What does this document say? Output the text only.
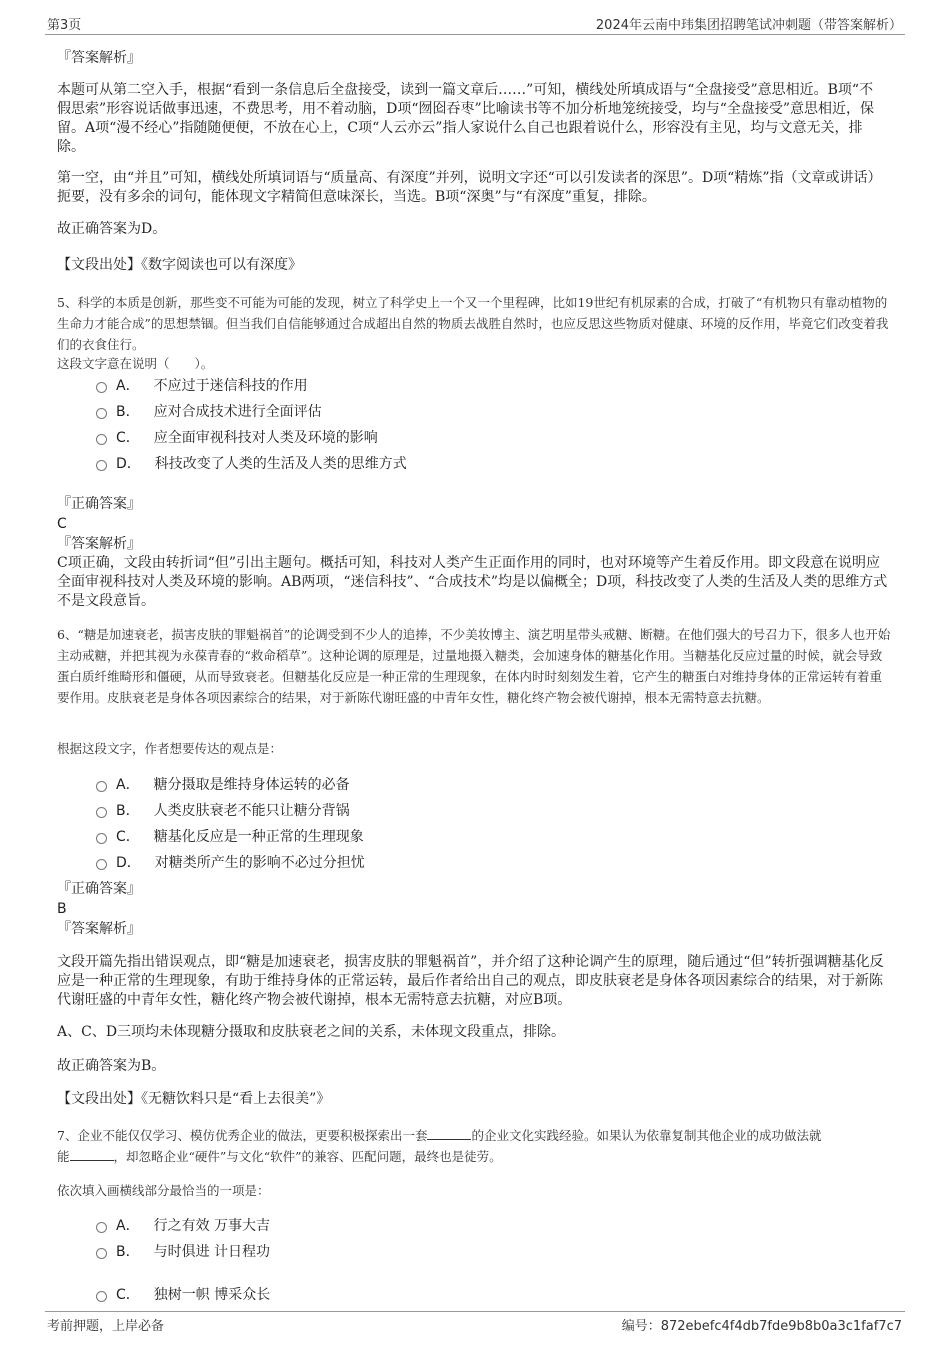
第3页	2024年云南中玮集团招聘笔试冲刺题（带答案解析）
『答案解析』
本题可从第二空入手，根据“看到一条信息后全盘接受，读到一篇文章后……”可知，横线处所填成语与“全盘接受”意思相近。B项“不假思索”形容说话做事迅速，不费思考，用不着动脑，D项“囫囵吞枣”比喻读书等不加分析地笼统接受，均与“全盘接受”意思相近，保留。A项“漫不经心”指随随便便，不放在心上，C项“人云亦云”指人家说什么自己也跟着说什么，形容没有主见，均与文意无关，排除。
第一空，由“并且”可知，横线处所填词语与“质量高、有深度”并列，说明文字还“可以引发读者的深思”。D项“精炼”指（文章或讲话）扼要，没有多余的词句，能体现文字精简但意味深长，当选。B项“深奥”与“有深度”重复，排除。
故正确答案为D。
【文段出处】《数字阅读也可以有深度》
5、科学的本质是创新，那些变不可能为可能的发现，树立了科学史上一个又一个里程碑，比如19世纪有机尿素的合成，打破了“有机物只有靠动植物的生命力才能合成”的思想禁锢。但当我们自信能够通过合成超出自然的物质去战胜自然时，也应反思这些物质对健康、环境的反作用，毕竟它们改变着我们的衣食住行。
这段文字意在说明（　　）。
A． 不应过于迷信科技的作用
B． 应对合成技术进行全面评估
C． 应全面审视科技对人类及环境的影响
D． 科技改变了人类的生活及人类的思维方式
『正确答案』
C
『答案解析』
C项正确，文段由转折词“但”引出主题句。概括可知，科技对人类产生正面作用的同时，也对环境等产生着反作用。即文段意在说明应全面审视科技对人类及环境的影响。AB两项，“迷信科技”、“合成技术”均是以偏概全；D项，科技改变了人类的生活及人类的思维方式不是文段意旨。
6、“糖是加速衰老，损害皮肤的罪魁祸首”的论调受到不少人的追捧，不少美妆博主、演艺明星带头戒糖、断糖。在他们强大的号召力下，很多人也开始主动戒糖，并把其视为永葆青春的“救命稻草”。这种论调的原理是，过量地摄入糖类，会加速身体的糖基化作用。当糖基化反应过量的时候，就会导致蛋白质纤维畸形和僵硬，从而导致衰老。但糖基化反应是一种正常的生理现象，在体内时时刻刻发生着，它产生的糖蛋白对维持身体的正常运转有着重要作用。皮肤衰老是身体各项因素综合的结果，对于新陈代谢旺盛的中青年女性，糖化终产物会被代谢掉，根本无需特意去抗糖。
根据这段文字，作者想要传达的观点是：
A． 糖分摄取是维持身体运转的必备
B． 人类皮肤衰老不能只让糖分背锅
C． 糖基化反应是一种正常的生理现象
D． 对糖类所产生的影响不必过分担忧
『正确答案』
B
『答案解析』
文段开篇先指出错误观点，即“糖是加速衰老，损害皮肤的罪魁祸首”，并介绍了这种论调产生的原理，随后通过“但”转折强调糖基化反应是一种正常的生理现象，有助于维持身体的正常运转，最后作者给出自己的观点，即皮肤衰老是身体各项因素综合的结果，对于新陈代谢旺盛的中青年女性，糖化终产物会被代谢掉，根本无需特意去抗糖，对应B项。
A、C、D三项均未体现糖分摄取和皮肤衰老之间的关系，未体现文段重点，排除。
故正确答案为B。
【文段出处】《无糖饮料只是“看上去很美”》
7、企业不能仅仅学习、模仿优秀企业的做法，更要积极探索出一套	的企业文化实践经验。如果认为依靠复制其他企业的成功做法就
能	，却忽略企业“硬件”与文化“软件”的兼容、匹配问题，最终也是徒劳。
依次填入画横线部分最恰当的一项是：
A． 行之有效 万事大吉
B． 与时俱进 计日程功
C． 独树一帜 博采众长
考前押题，上岸必备	编号：872ebefc4f4db7fde9b8b0a3c1faf7c7
